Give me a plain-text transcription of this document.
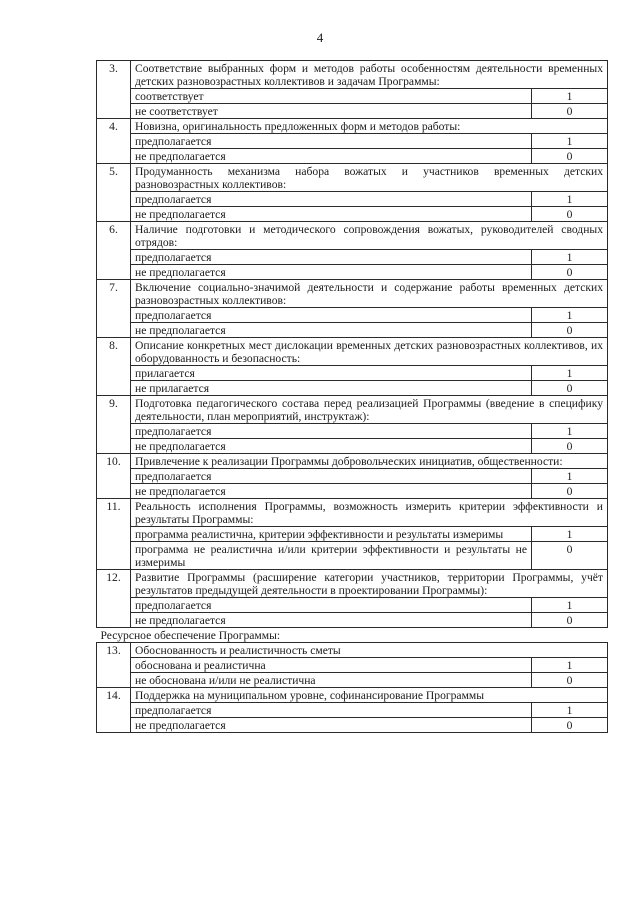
4
3.	Соответствие выбранных форм и методов работы особенностям деятельности временных детских разновозрастных коллективов и задачам Программы:	
	соответствует	1
	не соответствует	0
4.	Новизна, оригинальность предложенных форм и методов работы:	
	предполагается	1
	не предполагается	0
5.	Продуманность механизма набора вожатых и участников временных детских разновозрастных коллективов:	
	предполагается	1
	не предполагается	0
6.	Наличие подготовки и методического сопровождения вожатых, руководителей сводных отрядов:	
	предполагается	1
	не предполагается	0
7.	Включение социально-значимой деятельности и содержание работы временных детских разновозрастных коллективов:	
	предполагается	1
	не предполагается	0
8.	Описание конкретных мест дислокации временных детских разновозрастных коллективов, их оборудованность и безопасность:	
	прилагается	1
	не прилагается	0
9.	Подготовка педагогического состава перед реализацией Программы (введение в специфику деятельности, план мероприятий, инструктаж):	
	предполагается	1
	не предполагается	0
10.	Привлечение к реализации Программы добровольческих инициатив, общественности:	
	предполагается	1
	не предполагается	0
11.	Реальность исполнения Программы, возможность измерить критерии эффективности и результаты Программы:	
	программа реалистична, критерии эффективности и результаты измеримы	1
	программа не реалистична и/или критерии эффективности и результаты не измеримы	0
12.	Развитие Программы (расширение категории участников, территории Программы, учёт результатов предыдущей деятельности в проектировании Программы):	
	предполагается	1
	не предполагается	0
Ресурсное обеспечение Программы:		
13.	Обоснованность и реалистичность сметы	
	обоснована и реалистична	1
	не обоснована и/или не реалистична	0
14.	Поддержка на муниципальном уровне, софинансирование Программы	
	предполагается	1
	не предполагается	0
